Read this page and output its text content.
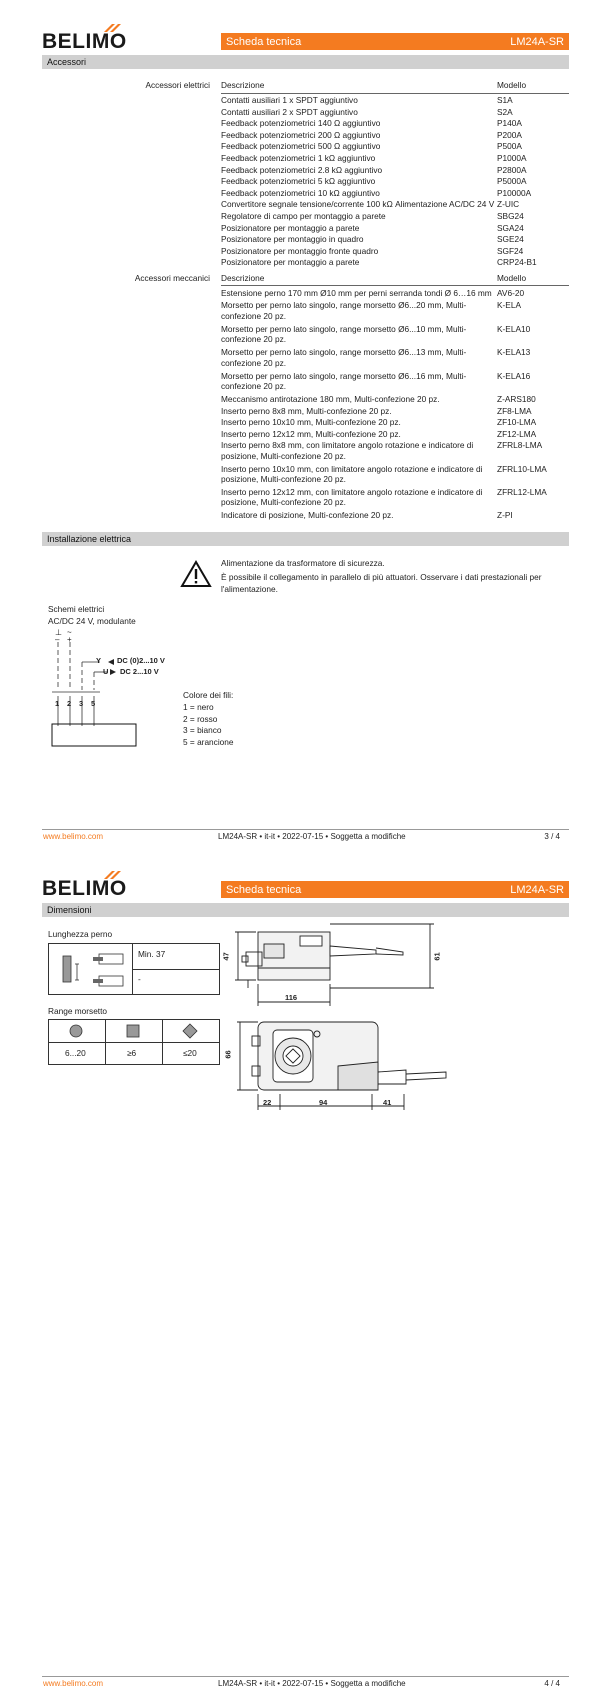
BELIMO	Scheda tecnica	LM24A-SR
Accessori
Accessori elettrici Descrizione	Modello
Contatti ausiliari 1 x SPDT aggiuntivo	S1A
Contatti ausiliari 2 x SPDT aggiuntivo	S2A
Feedback potenziometrici 140 Ω aggiuntivo	P140A
Feedback potenziometrici 200 Ω aggiuntivo	P200A
Feedback potenziometrici 500 Ω aggiuntivo	P500A
Feedback potenziometrici 1 kΩ aggiuntivo	P1000A
Feedback potenziometrici 2.8 kΩ aggiuntivo	P2800A
Feedback potenziometrici 5 kΩ aggiuntivo	P5000A
Feedback potenziometrici 10 kΩ aggiuntivo	P10000A
Convertitore segnale tensione/corrente 100 kΩ Alimentazione AC/DC 24 V Z-UIC
Regolatore di campo per montaggio a parete	SBG24
Posizionatore per montaggio a parete	SGA24
Posizionatore per montaggio in quadro	SGE24
Posizionatore per montaggio fronte quadro	SGF24
Posizionatore per montaggio a parete	CRP24-B1
Accessori meccanici Descrizione	Modello
Estensione perno 170 mm Ø10 mm per perni serranda tondi Ø 6…16 mm AV6-20
Morsetto per perno lato singolo, range morsetto Ø6...20 mm, Multi-confezione 20 pz.
K-ELA
Morsetto per perno lato singolo, range morsetto Ø6...10 mm, Multi-confezione 20 pz.
K-ELA10
Morsetto per perno lato singolo, range morsetto Ø6...13 mm, Multi-confezione 20 pz.
K-ELA13
Morsetto per perno lato singolo, range morsetto Ø6...16 mm, Multi-confezione 20 pz.
K-ELA16
Meccanismo antirotazione 180 mm, Multi-confezione 20 pz.	Z-ARS180
Inserto perno 8x8 mm, Multi-confezione 20 pz.	ZF8-LMA
Inserto perno 10x10 mm, Multi-confezione 20 pz.	ZF10-LMA
Inserto perno 12x12 mm, Multi-confezione 20 pz.	ZF12-LMA
Inserto perno 8x8 mm, con limitatore angolo rotazione e indicatore di posizione, Multi-confezione 20 pz.
ZFRL8-LMA
Inserto perno 10x10 mm, con limitatore angolo rotazione e indicatore di posizione, Multi-confezione 20 pz.
ZFRL10-LMA
Inserto perno 12x12 mm, con limitatore angolo rotazione e indicatore di posizione, Multi-confezione 20 pz.
ZFRL12-LMA
Indicatore di posizione, Multi-confezione 20 pz.	Z-PI
Installazione elettrica
Alimentazione da trasformatore di sicurezza.
È possibile il collegamento in parallelo di più attuatori. Osservare i dati prestazionali per l'alimentazione.
Schemi elettrici
AC/DC 24 V, modulante
⊥ ~
– +
Y DC (0)2...10 V
U DC 2...10 V
1 2 3 5
Colore dei fili:
1 = nero
2 = rosso
3 = bianco
5 = arancione
www.belimo.com	LM24A-SR • it-it • 2022-07-15 • Soggetta a modifiche	3 / 4
BELIMO	Scheda tecnica	LM24A-SR
Dimensioni
Lunghezza perno
Min. 37
-
Range morsetto
6...20	≥6	≤20
47	61
116
66
22	94	41
www.belimo.com	LM24A-SR • it-it • 2022-07-15 • Soggetta a modifiche	4 / 4
